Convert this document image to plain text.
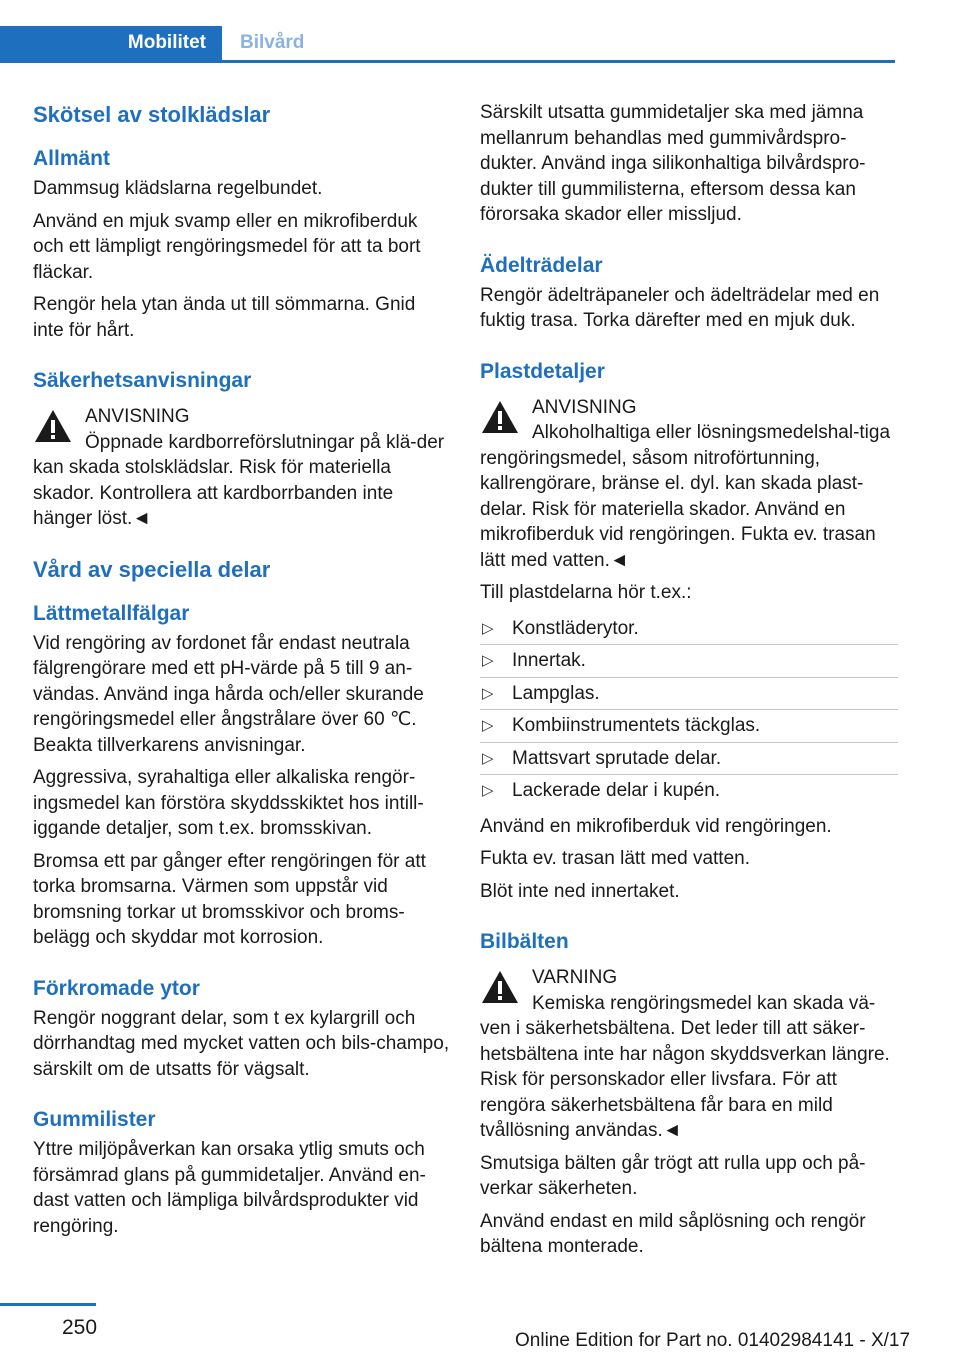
Mobilitet Bilvård
Skötsel av stolklädslar
Allmänt

Dammsug klädslarna regelbundet.

Använd en mjuk svamp eller en mikrofiberduk och ett lämpligt rengöringsmedel för att ta bort fläckar.

Rengör hela ytan ända ut till sömmarna. Gnid inte för hårt.

Säkerhetsanvisningar
ANVISNING
Öppnade kardborreförslutningar på klä-der kan skada stolsklädslar. Risk för materiella skador. Kontrollera att kardborrbanden inte hänger löst.◄
Vård av speciella delar
Lättmetallfälgar

Vid rengöring av fordonet får endast neutrala fälgrengörare med ett pH-värde på 5 till 9 an-vändas. Använd inga hårda och/eller skurande rengöringsmedel eller ångstrålare över 60 ℃. Beakta tillverkarens anvisningar.

Aggressiva, syrahaltiga eller alkaliska rengör-ingsmedel kan förstöra skyddsskiktet hos intill-iggande detaljer, som t.ex. bromsskivan.

Bromsa ett par gånger efter rengöringen för att torka bromsarna. Värmen som uppstår vid bromsning torkar ut bromsskivor och broms-belägg och skyddar mot korrosion.

Förkromade ytor

Rengör noggrant delar, som t ex kylargrill och dörrhandtag med mycket vatten och bils-champo, särskilt om de utsatts för vägsalt.

Gummilister

Yttre miljöpåverkan kan orsaka ytlig smuts och försämrad glans på gummidetaljer. Använd en-dast vatten och lämpliga bilvårdsprodukter vid rengöring.

Särskilt utsatta gummidetaljer ska med jämna mellanrum behandlas med gummivårdspro-dukter. Använd inga silikonhaltiga bilvårdspro-dukter till gummilisterna, eftersom dessa kan förorsaka skador eller missljud.

Ädelträdelar

Rengör ädelträpaneler och ädelträdelar med en fuktig trasa. Torka därefter med en mjuk duk.

Plastdetaljer
ANVISNING
Alkoholhaltiga eller lösningsmedelshal-tiga rengöringsmedel, såsom nitroförtunning, kallrengörare, bränse el. dyl. kan skada plast-delar. Risk för materiella skador. Använd en mikrofiberduk vid rengöringen. Fukta ev. trasan lätt med vatten.◄

Till plastdelarna hör t.ex.:

▷ Konstläderytor.
▷ Innertak.
▷ Lampglas.
▷ Kombiinstrumentets täckglas.
▷ Mattsvart sprutade delar.
▷ Lackerade delar i kupén.

Använd en mikrofiberduk vid rengöringen.

Fukta ev. trasan lätt med vatten.

Blöt inte ned innertaket.

Bilbälten
VARNING
Kemiska rengöringsmedel kan skada vä-ven i säkerhetsbältena. Det leder till att säker-hetsbältena inte har någon skyddsverkan längre. Risk för personskador eller livsfara. För att rengöra säkerhetsbältena får bara en mild tvållösning användas.◄

Smutsiga bälten går trögt att rulla upp och på-verkar säkerheten.

Använd endast en mild såplösning och rengör bältena monterade.

250
Online Edition for Part no. 01402984141 - X/17
